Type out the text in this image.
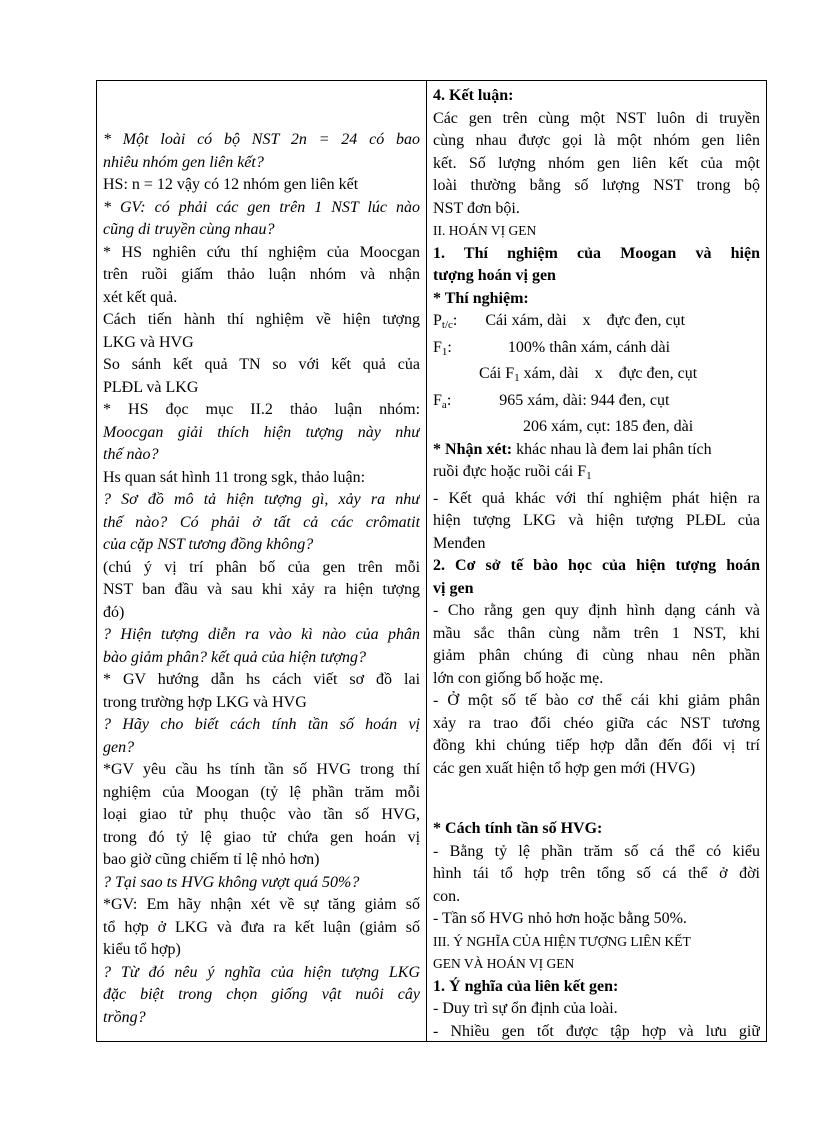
* Một loài có bộ NST 2n = 24 có bao
nhiêu nhóm gen liên kết?
HS: n = 12 vậy có 12 nhóm gen liên kết
* GV: có phải các gen trên 1 NST lúc nào
cũng di truyền cùng nhau?
* HS nghiên cứu thí nghiệm của Moocgan
trên ruồi giấm thảo luận nhóm và nhận
xét kết quả.
Cách tiến hành thí nghiệm về hiện tượng
LKG và HVG
So sánh kết quả TN so với kết quả của
PLĐL và LKG
* HS đọc mục II.2 thảo luận nhóm:
Moocgan giải thích hiện tượng này như
thế nào?
Hs quan sát hình 11 trong sgk, thảo luận:
? Sơ đồ mô tả hiện tượng gì, xảy ra như
thế nào? Có phải ở tất cả các crômatit
của cặp NST tương đồng không?
(chú ý vị trí phân bố của gen trên mỗi
NST ban đầu và sau khi xảy ra hiện tượng
đó)
? Hiện tượng diễn ra vào kì nào của phân
bào giảm phân? kết quả của hiện tượng?
* GV hướng dẫn hs cách viết sơ đồ lai
trong trường hợp LKG và HVG
? Hãy cho biết cách tính tần số hoán vị
gen?
*GV yêu cầu hs tính tần số HVG trong thí
nghiệm của Moogan (tỷ lệ phần trăm mỗi
loại giao tử phụ thuộc vào tần số HVG,
trong đó tỷ lệ giao tử chứa gen hoán vị
bao giờ cũng chiếm tỉ lệ nhỏ hơn)
? Tại sao ts HVG không vượt quá 50%?
*GV: Em hãy nhận xét về sự tăng giảm số
tổ hợp ở LKG và đưa ra kết luận (giảm số
kiểu tổ hợp)
? Từ đó nêu ý nghĩa của hiện tượng LKG
đặc biệt trong chọn giống vật nuôi cây
trồng?
4. Kết luận:
Các gen trên cùng một NST luôn di truyền
cùng nhau được gọi là một nhóm gen liên
kết. Số lượng nhóm gen liên kết của một
loài thường bằng số lượng NST trong bộ
NST đơn bội.
II. HOÁN VỊ GEN
1. Thí nghiệm của Moogan và hiện
tượng hoán vị gen
* Thí nghiệm:
$P_{t/c}$:       Cái xám, dài    x    đực đen, cụt
$F_1$:              100% thân xám, cánh dài
Cái $F_1$ xám, dài    x    đực đen, cụt
$F_a$:            965 xám, dài: 944 đen, cụt
206 xám, cụt: 185 đen, dài
* Nhận xét: khác nhau là đem lai phân tích
ruồi đực hoặc ruồi cái $F_1$
- Kết quả khác với thí nghiệm phát hiện ra
hiện tượng LKG và hiện tượng PLĐL của
Menđen
2. Cơ sở tế bào học của hiện tượng hoán
vị gen
- Cho rằng gen quy định hình dạng cánh và
mầu sắc thân cùng nằm trên 1 NST, khi
giảm phân chúng đi cùng nhau nên phần
lớn con giống bố hoặc mẹ.
- Ở một số tế bào cơ thể cái khi giảm phân
xảy ra trao đổi chéo giữa các NST tương
đồng khi chúng tiếp hợp dẫn đến đổi vị trí
các gen xuất hiện tổ hợp gen mới (HVG)
* Cách tính tần số HVG:
- Bằng tỷ lệ phần trăm số cá thể có kiểu
hình tái tổ hợp trên tổng số cá thể ở đời
con.
- Tần số HVG nhỏ hơn hoặc bằng 50%.
III. Ý NGHĨA CỦA HIỆN TƯỢNG LIÊN KẾT
GEN VÀ HOÁN VỊ GEN
1. Ý nghĩa của liên kết gen:
- Duy trì sự ổn định của loài.
- Nhiều gen tốt được tập hợp và lưu giữ
